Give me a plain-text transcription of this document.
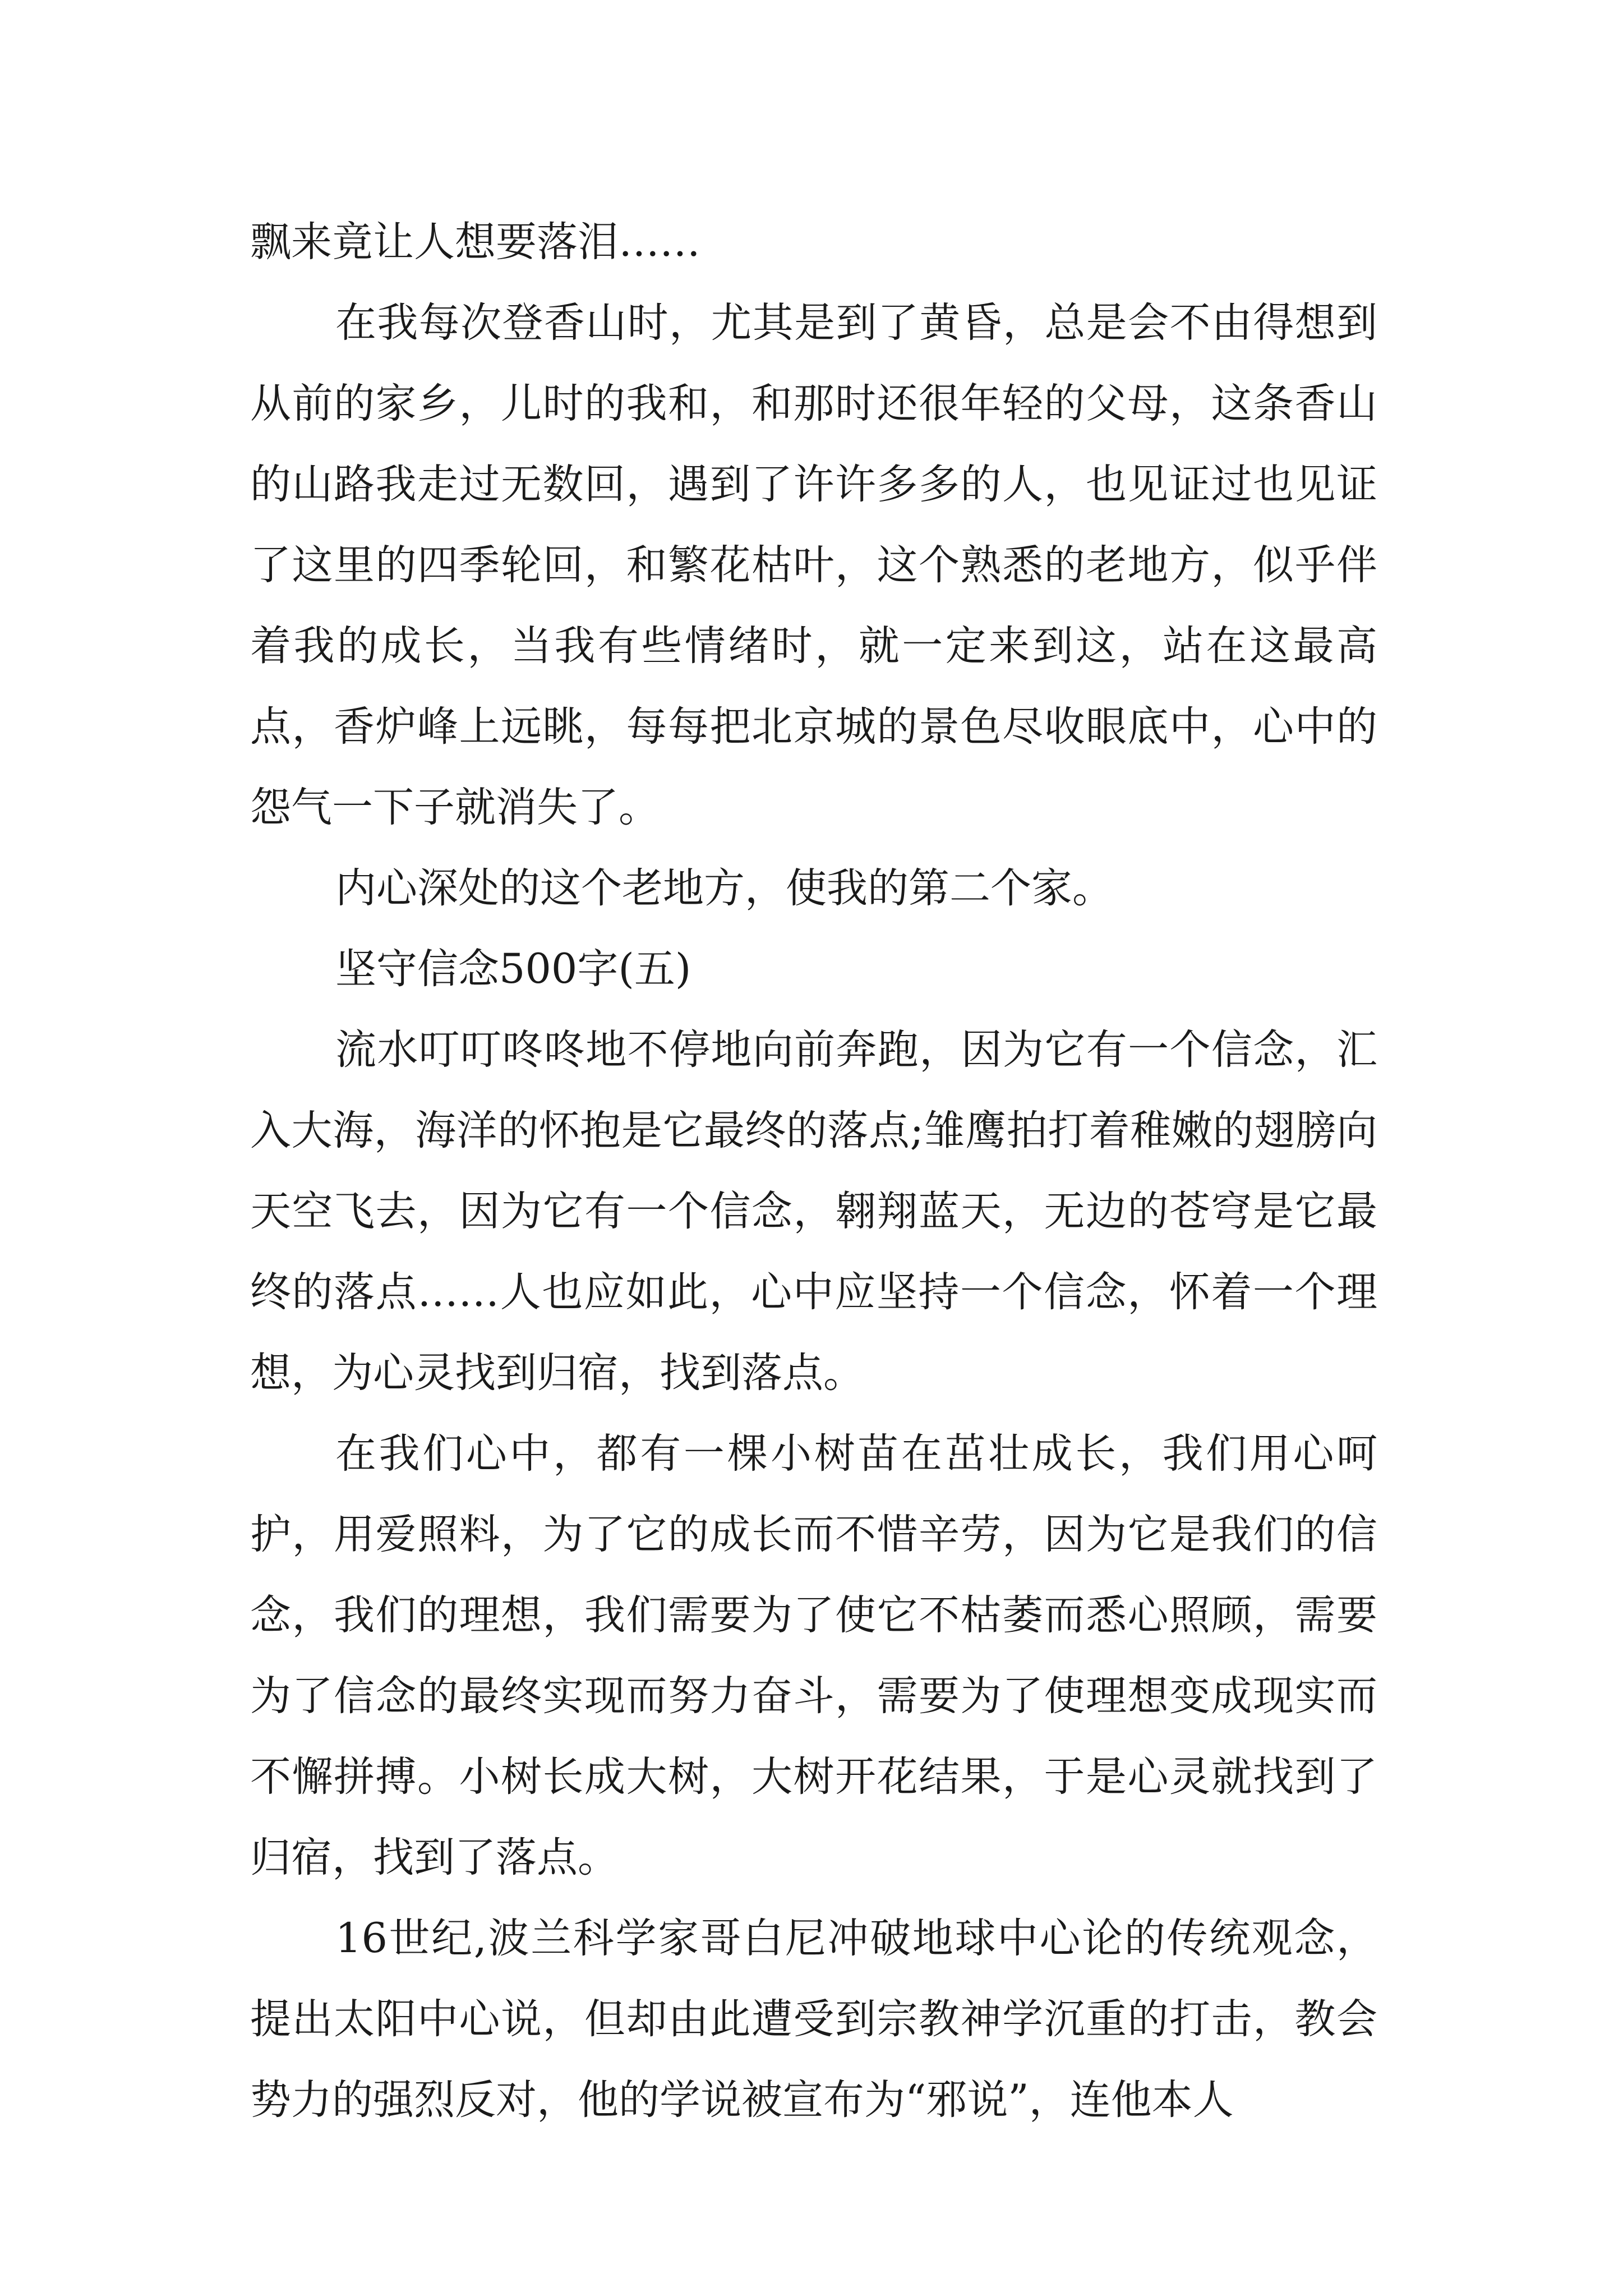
飘来竟让人想要落泪……

在我每次登香山时，尤其是到了黄昏，总是会不由得想到从前的家乡，儿时的我和，和那时还很年轻的父母，这条香山的山路我走过无数回，遇到了许许多多的人，也见证过也见证了这里的四季轮回，和繁花枯叶，这个熟悉的老地方，似乎伴着我的成长，当我有些情绪时，就一定来到这，站在这最高点，香炉峰上远眺，每每把北京城的景色尽收眼底中，心中的怨气一下子就消失了。

内心深处的这个老地方，使我的第二个家。

坚守信念500字(五)

流水叮叮咚咚地不停地向前奔跑，因为它有一个信念，汇入大海，海洋的怀抱是它最终的落点;雏鹰拍打着稚嫩的翅膀向天空飞去，因为它有一个信念，翱翔蓝天，无边的苍穹是它最终的落点……人也应如此，心中应坚持一个信念，怀着一个理想，为心灵找到归宿，找到落点。

在我们心中，都有一棵小树苗在茁壮成长，我们用心呵护，用爱照料，为了它的成长而不惜辛劳，因为它是我们的信念，我们的理想，我们需要为了使它不枯萎而悉心照顾，需要为了信念的最终实现而努力奋斗，需要为了使理想变成现实而不懈拼搏。小树长成大树，大树开花结果，于是心灵就找到了归宿，找到了落点。

16世纪,波兰科学家哥白尼冲破地球中心论的传统观念，提出太阳中心说，但却由此遭受到宗教神学沉重的打击，教会势力的强烈反对，他的学说被宣布为“邪说”，连他本人
